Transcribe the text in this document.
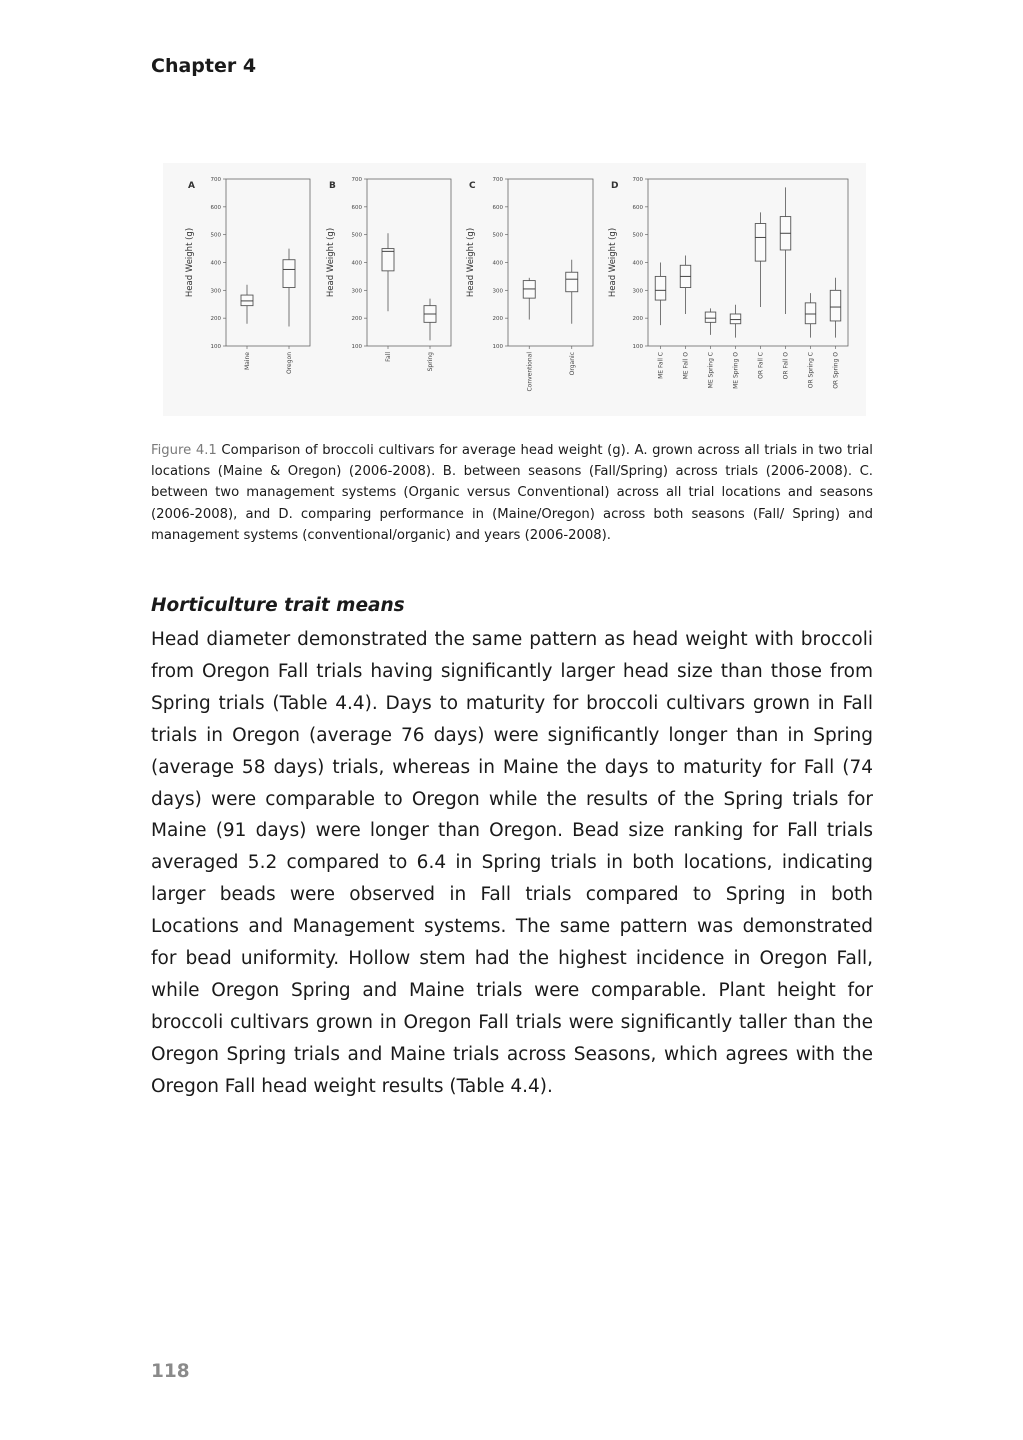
Chapter 4
A
Head Weight (g)
100
200
300
400
500
600
700
Maine	Oregon
B
Head Weight (g)
100
200
300
400
500
600
700
Fall	Spring
C
Head Weight (g)
100
200
300
400
500
600
700
Conventional	Organic
D
Head Weight (g)
100
200
300
400
500
600
700
ME Fall C	ME Fall O	ME Spring C	ME Spring O	OR Fall C	OR Fall O	OR Spring C	OR Spring O

Figure 4.1 Comparison of broccoli cultivars for average head weight (g). A. grown across all trials in two trial locations (Maine & Oregon) (2006-2008). B. between seasons (Fall/Spring) across trials (2006-2008). C. between two management systems (Organic versus Conventional) across all trial locations and seasons (2006-2008), and D. comparing performance in (Maine/Oregon) across both seasons (Fall/ Spring) and management systems (conventional/organic) and years (2006-2008).

Horticulture trait means

Head diameter demonstrated the same pattern as head weight with broccoli from Oregon Fall trials having significantly larger head size than those from Spring trials (Table 4.4). Days to maturity for broccoli cultivars grown in Fall trials in Oregon (average 76 days) were significantly longer than in Spring (average 58 days) trials, whereas in Maine the days to maturity for Fall (74 days) were comparable to Oregon while the results of the Spring trials for Maine (91 days) were longer than Oregon. Bead size ranking for Fall trials averaged 5.2 compared to 6.4 in Spring trials in both locations, indicating larger beads were observed in Fall trials compared to Spring in both Locations and Management systems. The same pattern was demonstrated for bead uniformity. Hollow stem had the highest incidence in Oregon Fall, while Oregon Spring and Maine trials were comparable. Plant height for broccoli cultivars grown in Oregon Fall trials were significantly taller than the Oregon Spring trials and Maine trials across Seasons, which agrees with the Oregon Fall head weight results (Table 4.4).

118
